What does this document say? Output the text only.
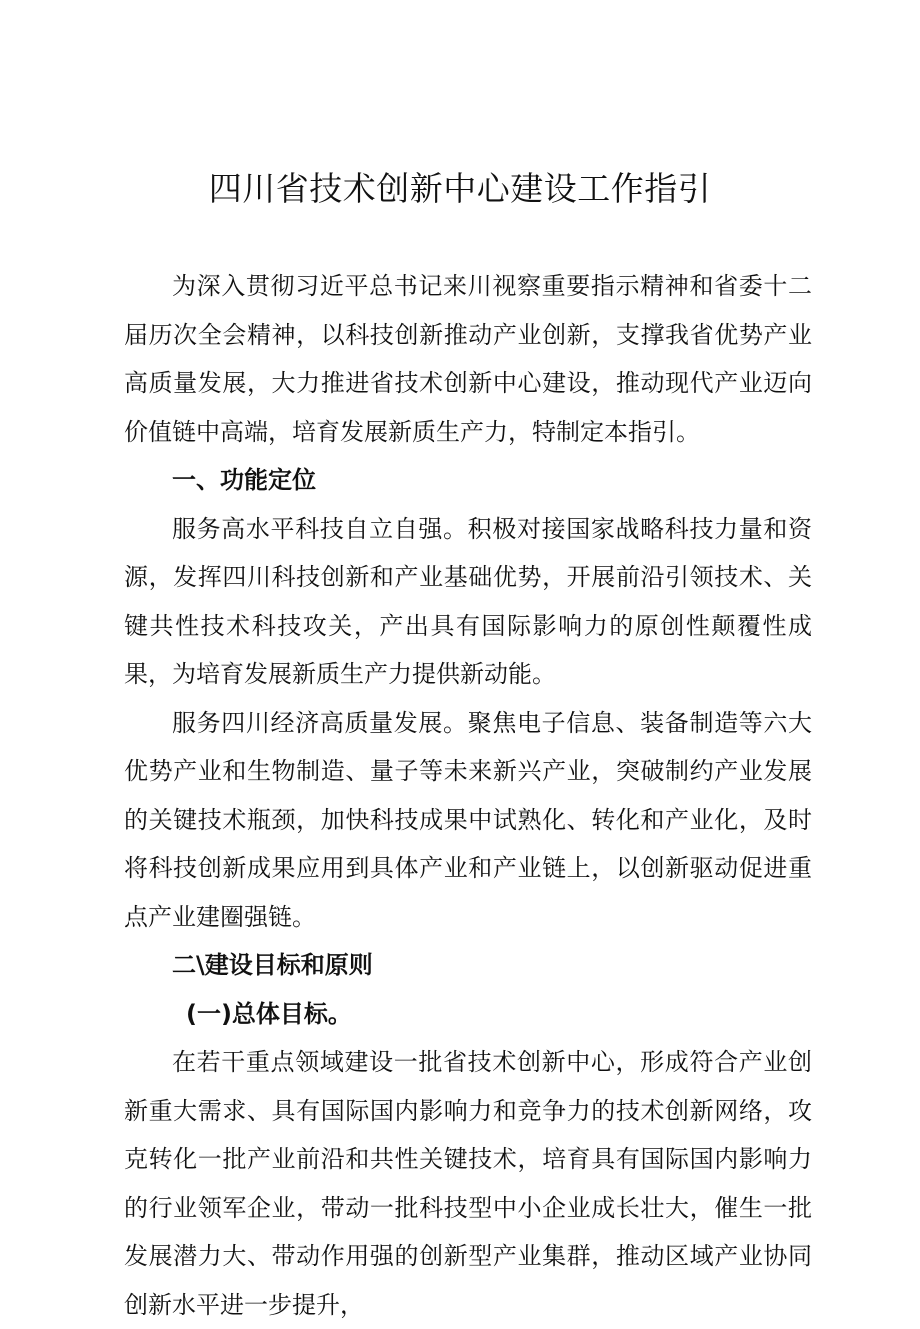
四川省技术创新中心建设工作指引

为深入贯彻习近平总书记来川视察重要指示精神和省委十二届历次全会精神，以科技创新推动产业创新，支撑我省优势产业高质量发展，大力推进省技术创新中心建设，推动现代产业迈向价值链中高端，培育发展新质生产力，特制定本指引。

一、功能定位

服务高水平科技自立自强。积极对接国家战略科技力量和资源，发挥四川科技创新和产业基础优势，开展前沿引领技术、关键共性技术科技攻关，产出具有国际影响力的原创性颠覆性成果，为培育发展新质生产力提供新动能。

服务四川经济高质量发展。聚焦电子信息、装备制造等六大优势产业和生物制造、量子等未来新兴产业，突破制约产业发展的关键技术瓶颈，加快科技成果中试熟化、转化和产业化，及时将科技创新成果应用到具体产业和产业链上，以创新驱动促进重点产业建圈强链。

二\建设目标和原则

(一)总体目标。

在若干重点领域建设一批省技术创新中心，形成符合产业创新重大需求、具有国际国内影响力和竞争力的技术创新网络，攻克转化一批产业前沿和共性关键技术，培育具有国际国内影响力的行业领军企业，带动一批科技型中小企业成长壮大，催生一批发展潜力大、带动作用强的创新型产业集群，推动区域产业协同创新水平进一步提升，
